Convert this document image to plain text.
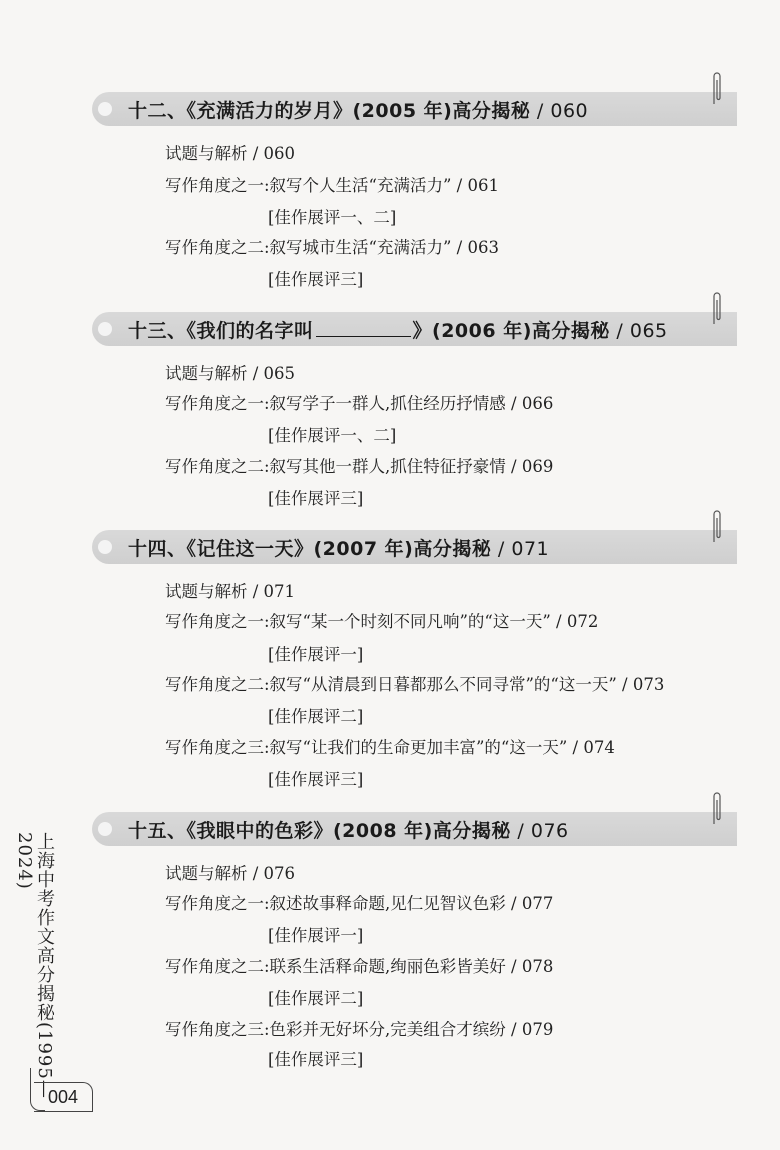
十二、《充满活力的岁月》(2005 年)高分揭秘 / 060
试题与解析 / 060
写作角度之一:叙写个人生活“充满活力” / 061
[佳作展评一、二]
写作角度之二:叙写城市生活“充满活力” / 063
[佳作展评三]
十三、《我们的名字叫	》(2006 年)高分揭秘 / 065
试题与解析 / 065
写作角度之一:叙写学子一群人,抓住经历抒情感 / 066
[佳作展评一、二]
写作角度之二:叙写其他一群人,抓住特征抒豪情 / 069
[佳作展评三]
十四、《记住这一天》(2007 年)高分揭秘 / 071
试题与解析 / 071
写作角度之一:叙写“某一个时刻不同凡响”的“这一天” / 072
[佳作展评一]
写作角度之二:叙写“从清晨到日暮都那么不同寻常”的“这一天” / 073
[佳作展评二]
写作角度之三:叙写“让我们的生命更加丰富”的“这一天” / 074
[佳作展评三]
十五、《我眼中的色彩》(2008 年)高分揭秘 / 076
试题与解析 / 076
写作角度之一:叙述故事释命题,见仁见智议色彩 / 077
[佳作展评一]
写作角度之二:联系生活释命题,绚丽色彩皆美好 / 078
[佳作展评二]
写作角度之三:色彩并无好坏分,完美组合才缤纷 / 079
[佳作展评三]
上海中考作文高分揭秘(1995—2024)
004
